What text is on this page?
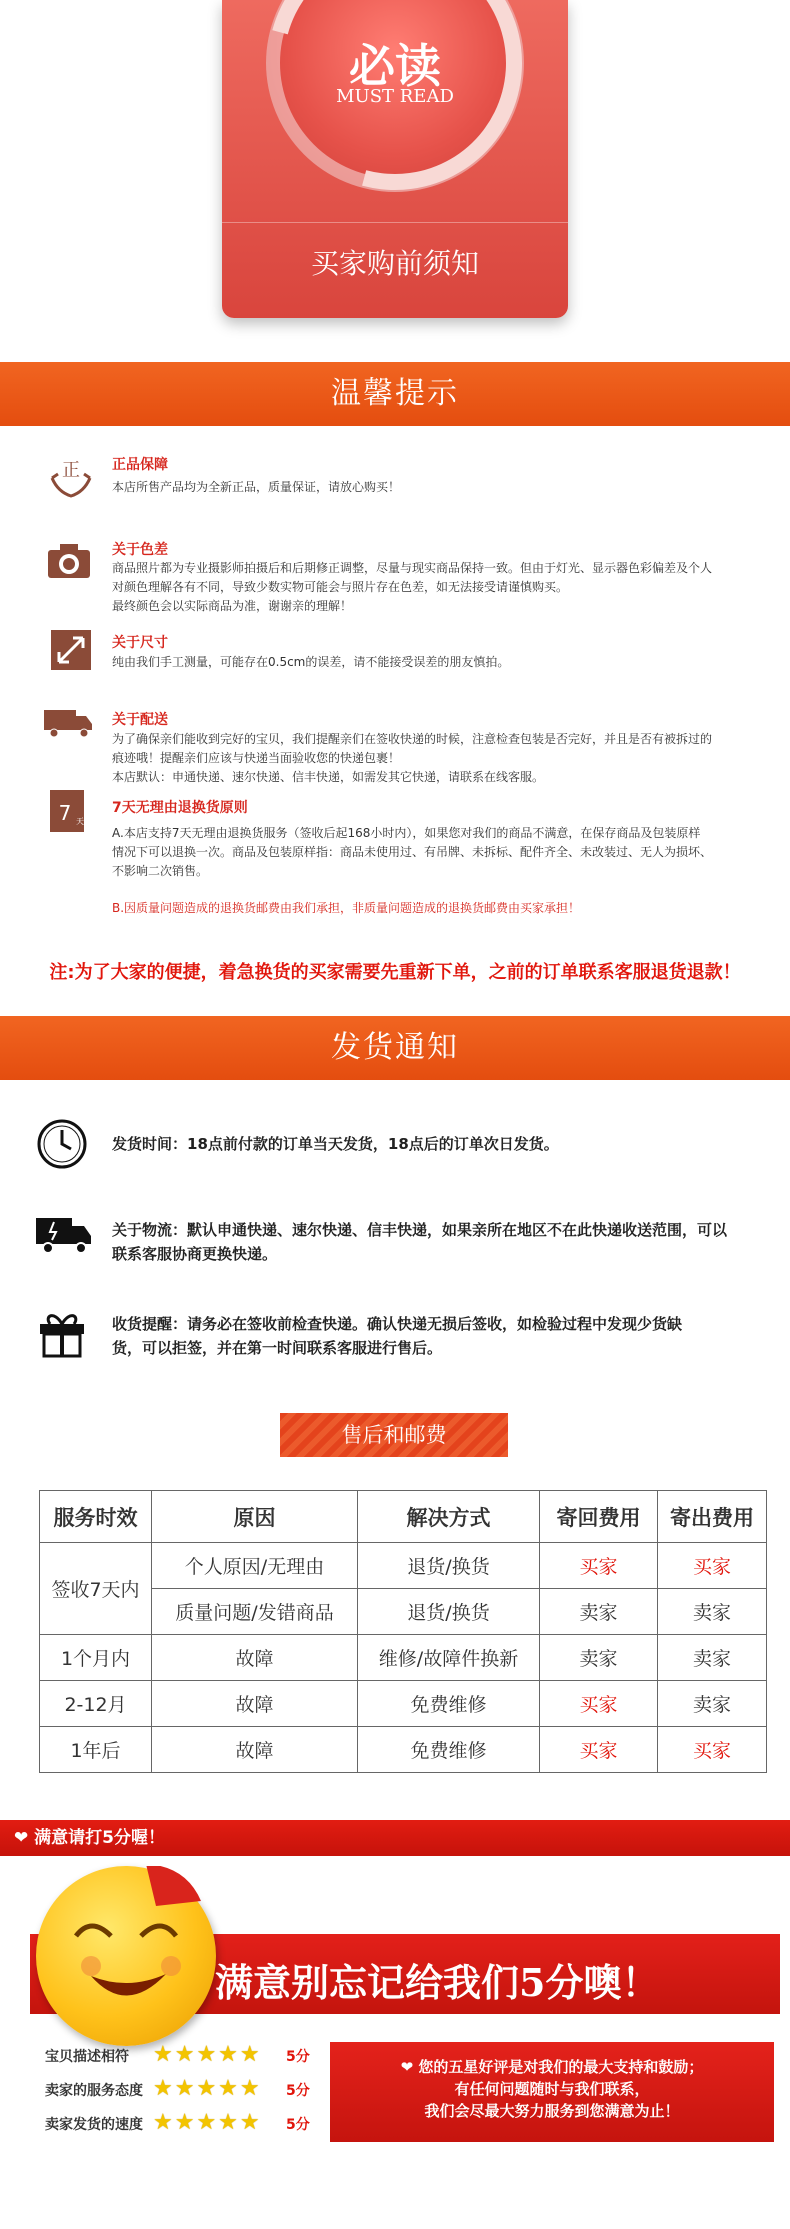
必读
MUST READ
买家购前须知
温馨提示
正 正品保障
本店所售产品均为全新正品，质量保证，请放心购买！
关于色差
商品照片都为专业摄影师拍摄后和后期修正调整，尽量与现实商品保持一致。但由于灯光、显示器色彩偏差及个人
对颜色理解各有不同，导致少数实物可能会与照片存在色差，如无法接受请谨慎购买。
最终颜色会以实际商品为准，谢谢亲的理解！
关于尺寸
纯由我们手工测量，可能存在0.5cm的误差，请不能接受误差的朋友慎拍。
关于配送
为了确保亲们能收到完好的宝贝，我们提醒亲们在签收快递的时候，注意检查包装是否完好，并且是否有被拆过的
痕迹哦！提醒亲们应该与快递当面验收您的快递包裹！
本店默认：申通快递、速尔快递、信丰快递，如需发其它快递，请联系在线客服。
7 天
7天无理由退换货原则
A.本店支持7天无理由退换货服务（签收后起168小时内），如果您对我们的商品不满意，在保存商品及包装原样
情况下可以退换一次。商品及包装原样指：商品未使用过、有吊牌、未拆标、配件齐全、未改装过、无人为损坏、
不影响二次销售。
B.因质量问题造成的退换货邮费由我们承担，非质量问题造成的退换货邮费由买家承担！
注:为了大家的便捷，着急换货的买家需要先重新下单，之前的订单联系客服退货退款！
发货通知
发货时间：18点前付款的订单当天发货，18点后的订单次日发货。
关于物流：默认申通快递、速尔快递、信丰快递，如果亲所在地区不在此快递收送范围，可以
联系客服协商更换快递。
收货提醒：请务必在签收前检查快递。确认快递无损后签收，如检验过程中发现少货缺
货，可以拒签，并在第一时间联系客服进行售后。
售后和邮费
服务时效	原因	解决方式	寄回费用	寄出费用
签收7天内	个人原因/无理由	退货/换货	买家	买家
	质量问题/发错商品	退货/换货	卖家	卖家
1个月内	故障	维修/故障件换新	卖家	卖家
2-12月	故障	免费维修	买家	卖家
1年后	故障	免费维修	买家	买家
❤ 满意请打5分喔！
满意别忘记给我们5分噢！
宝贝描述相符 ★★★★★ 5分
卖家的服务态度 ★★★★★ 5分
卖家发货的速度 ★★★★★ 5分
❤ 您的五星好评是对我们的最大支持和鼓励；
有任何问题随时与我们联系，
我们会尽最大努力服务到您满意为止！
